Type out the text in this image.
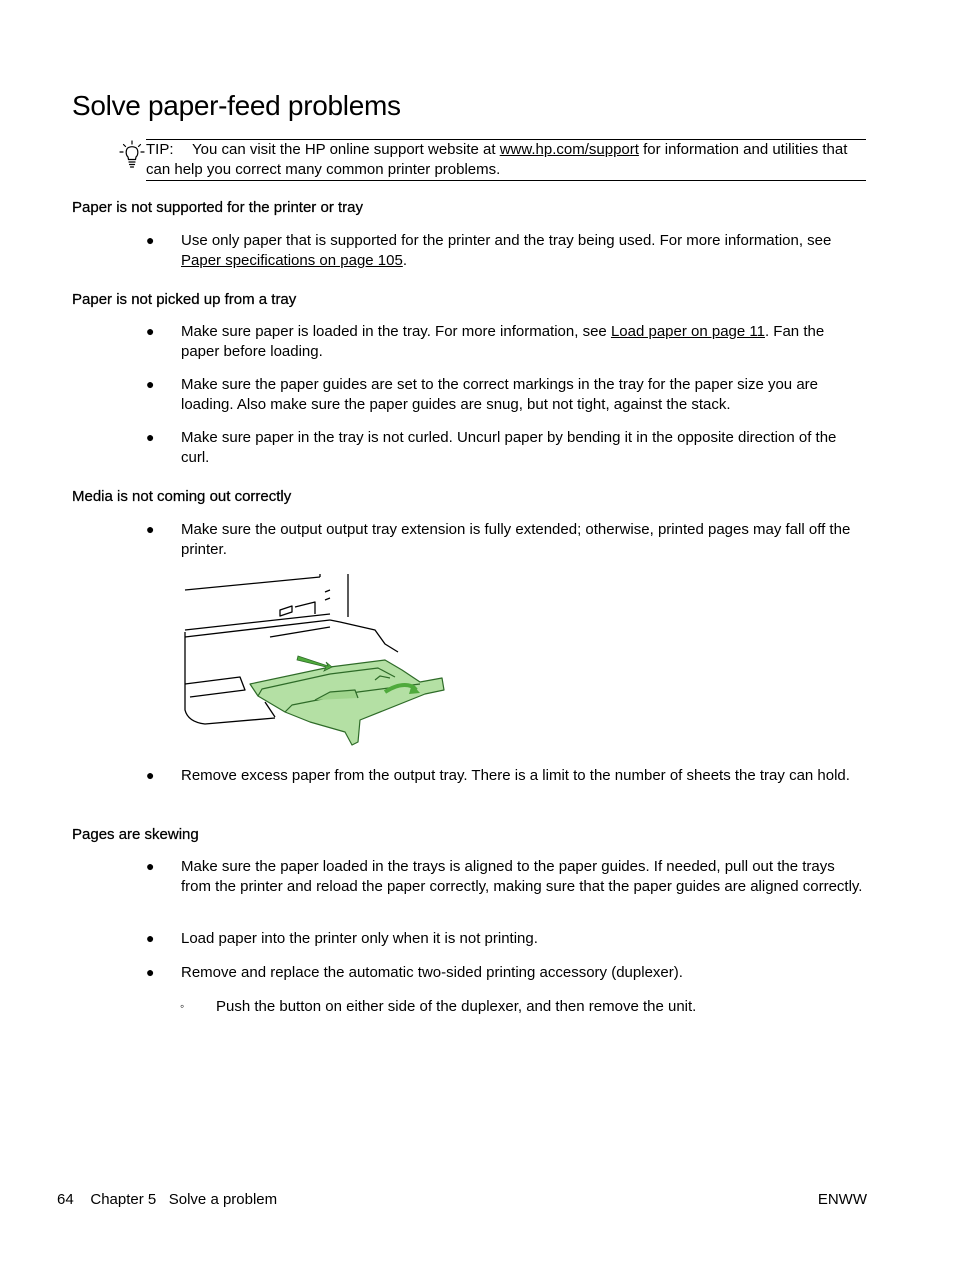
Solve paper-feed problems
TIP: You can visit the HP online support website at www.hp.com/support for information and utilities that can help you correct many common printer problems.
Paper is not supported for the printer or tray
● Use only paper that is supported for the printer and the tray being used. For more information, see Paper specifications on page 105.
Paper is not picked up from a tray
● Make sure paper is loaded in the tray. For more information, see Load paper on page 11. Fan the paper before loading.
● Make sure the paper guides are set to the correct markings in the tray for the paper size you are loading. Also make sure the paper guides are snug, but not tight, against the stack.
● Make sure paper in the tray is not curled. Uncurl paper by bending it in the opposite direction of the curl.
Media is not coming out correctly
● Make sure the output output tray extension is fully extended; otherwise, printed pages may fall off the printer.
● Remove excess paper from the output tray. There is a limit to the number of sheets the tray can hold.
Pages are skewing
● Make sure the paper loaded in the trays is aligned to the paper guides. If needed, pull out the trays from the printer and reload the paper correctly, making sure that the paper guides are aligned correctly.
● Load paper into the printer only when it is not printing.
● Remove and replace the automatic two-sided printing accessory (duplexer).
◦ Push the button on either side of the duplexer, and then remove the unit.
64 Chapter 5 Solve a problem	ENWW
